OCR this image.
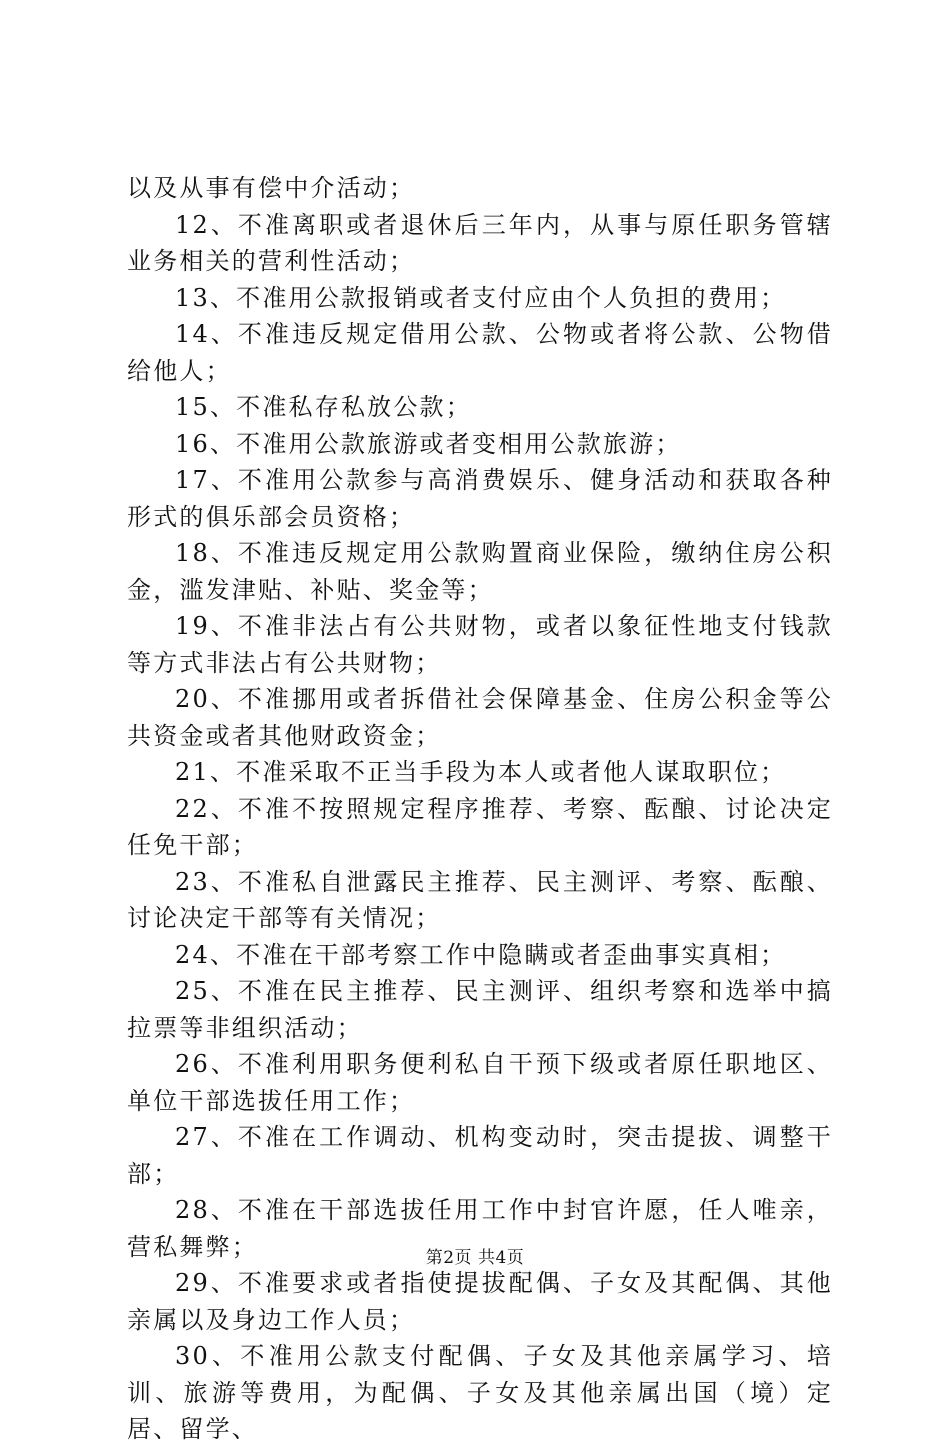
以及从事有偿中介活动；

12、不准离职或者退休后三年内，从事与原任职务管辖业务相关的营利性活动；

13、不准用公款报销或者支付应由个人负担的费用；

14、不准违反规定借用公款、公物或者将公款、公物借给他人；

15、不准私存私放公款；

16、不准用公款旅游或者变相用公款旅游；

17、不准用公款参与高消费娱乐、健身活动和获取各种形式的俱乐部会员资格；

18、不准违反规定用公款购置商业保险，缴纳住房公积金，滥发津贴、补贴、奖金等；

19、不准非法占有公共财物，或者以象征性地支付钱款等方式非法占有公共财物；

20、不准挪用或者拆借社会保障基金、住房公积金等公共资金或者其他财政资金；

21、不准采取不正当手段为本人或者他人谋取职位；

22、不准不按照规定程序推荐、考察、酝酿、讨论决定任免干部；

23、不准私自泄露民主推荐、民主测评、考察、酝酿、讨论决定干部等有关情况；

24、不准在干部考察工作中隐瞒或者歪曲事实真相；

25、不准在民主推荐、民主测评、组织考察和选举中搞拉票等非组织活动；

26、不准利用职务便利私自干预下级或者原任职地区、单位干部选拔任用工作；

27、不准在工作调动、机构变动时，突击提拔、调整干部；

28、不准在干部选拔任用工作中封官许愿，任人唯亲，营私舞弊；

29、不准要求或者指使提拔配偶、子女及其配偶、其他亲属以及身边工作人员；

30、不准用公款支付配偶、子女及其他亲属学习、培训、旅游等费用，为配偶、子女及其他亲属出国（境）定居、留学、

第2页 共4页
